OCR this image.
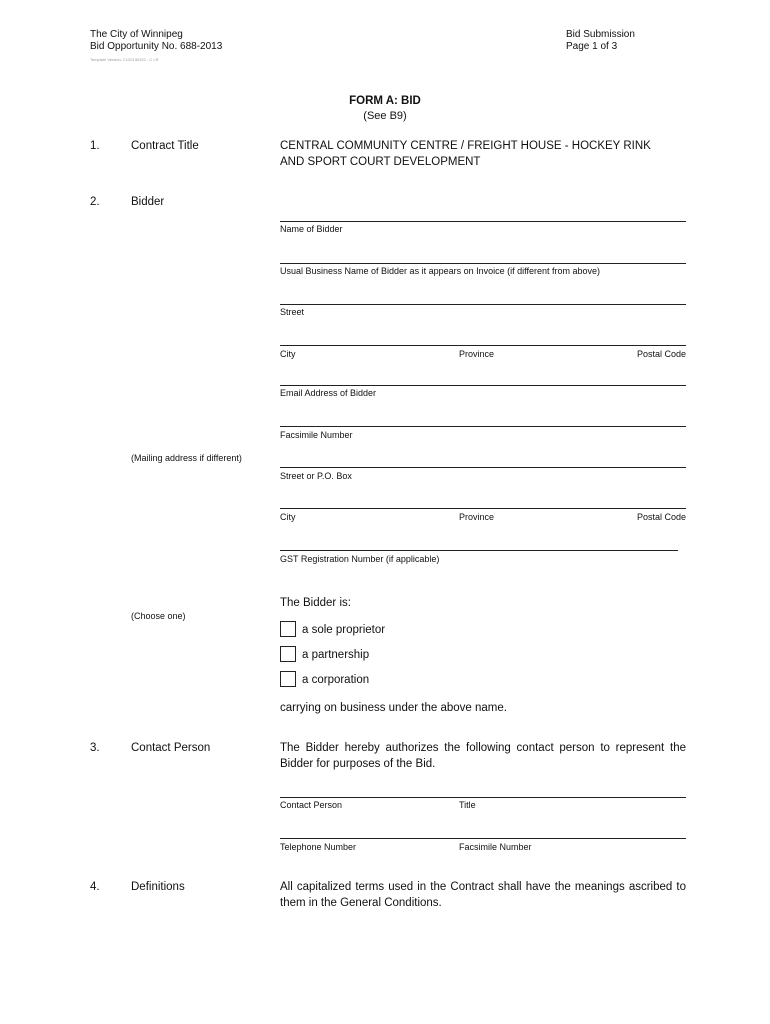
The City of Winnipeg
Bid Opportunity No. 688-2013
Template Version: C120130320 - C LR
Bid Submission
Page 1 of 3
FORM A: BID
(See B9)
1.	Contract Title	CENTRAL COMMUNITY CENTRE / FREIGHT HOUSE - HOCKEY RINK AND SPORT COURT DEVELOPMENT
2.	Bidder
Name of Bidder
Usual Business Name of Bidder as it appears on Invoice (if different from above)
Street
City	Province	Postal Code
Email Address of Bidder
Facsimile Number
(Mailing address if different)
Street or P.O. Box
City	Province	Postal Code
GST Registration Number (if applicable)
The Bidder is:
(Choose one)
a sole proprietor
a partnership
a corporation
carrying on business under the above name.
3.	Contact Person	The Bidder hereby authorizes the following contact person to represent the Bidder for purposes of the Bid.
Contact Person	Title
Telephone Number	Facsimile Number
4.	Definitions	All capitalized terms used in the Contract shall have the meanings ascribed to them in the General Conditions.
